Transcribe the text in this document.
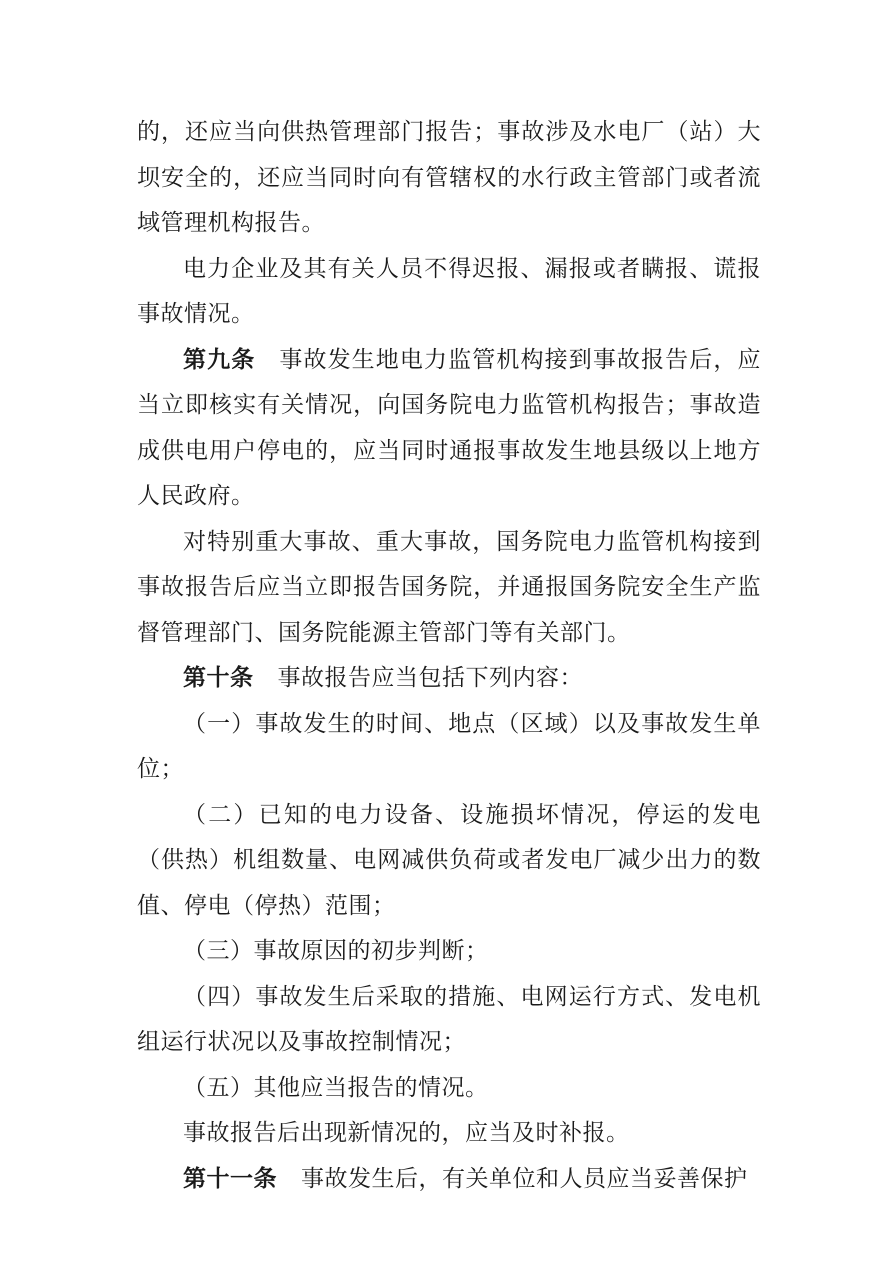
的，还应当向供热管理部门报告；事故涉及水电厂（站）大坝安全的，还应当同时向有管辖权的水行政主管部门或者流域管理机构报告。

电力企业及其有关人员不得迟报、漏报或者瞒报、谎报事故情况。

第九条 事故发生地电力监管机构接到事故报告后，应当立即核实有关情况，向国务院电力监管机构报告；事故造成供电用户停电的，应当同时通报事故发生地县级以上地方人民政府。

对特别重大事故、重大事故，国务院电力监管机构接到事故报告后应当立即报告国务院，并通报国务院安全生产监督管理部门、国务院能源主管部门等有关部门。

第十条 事故报告应当包括下列内容：

（一）事故发生的时间、地点（区域）以及事故发生单位；

（二）已知的电力设备、设施损坏情况，停运的发电（供热）机组数量、电网减供负荷或者发电厂减少出力的数值、停电（停热）范围；

（三）事故原因的初步判断；

（四）事故发生后采取的措施、电网运行方式、发电机组运行状况以及事故控制情况；

（五）其他应当报告的情况。

事故报告后出现新情况的，应当及时补报。

第十一条 事故发生后，有关单位和人员应当妥善保护
